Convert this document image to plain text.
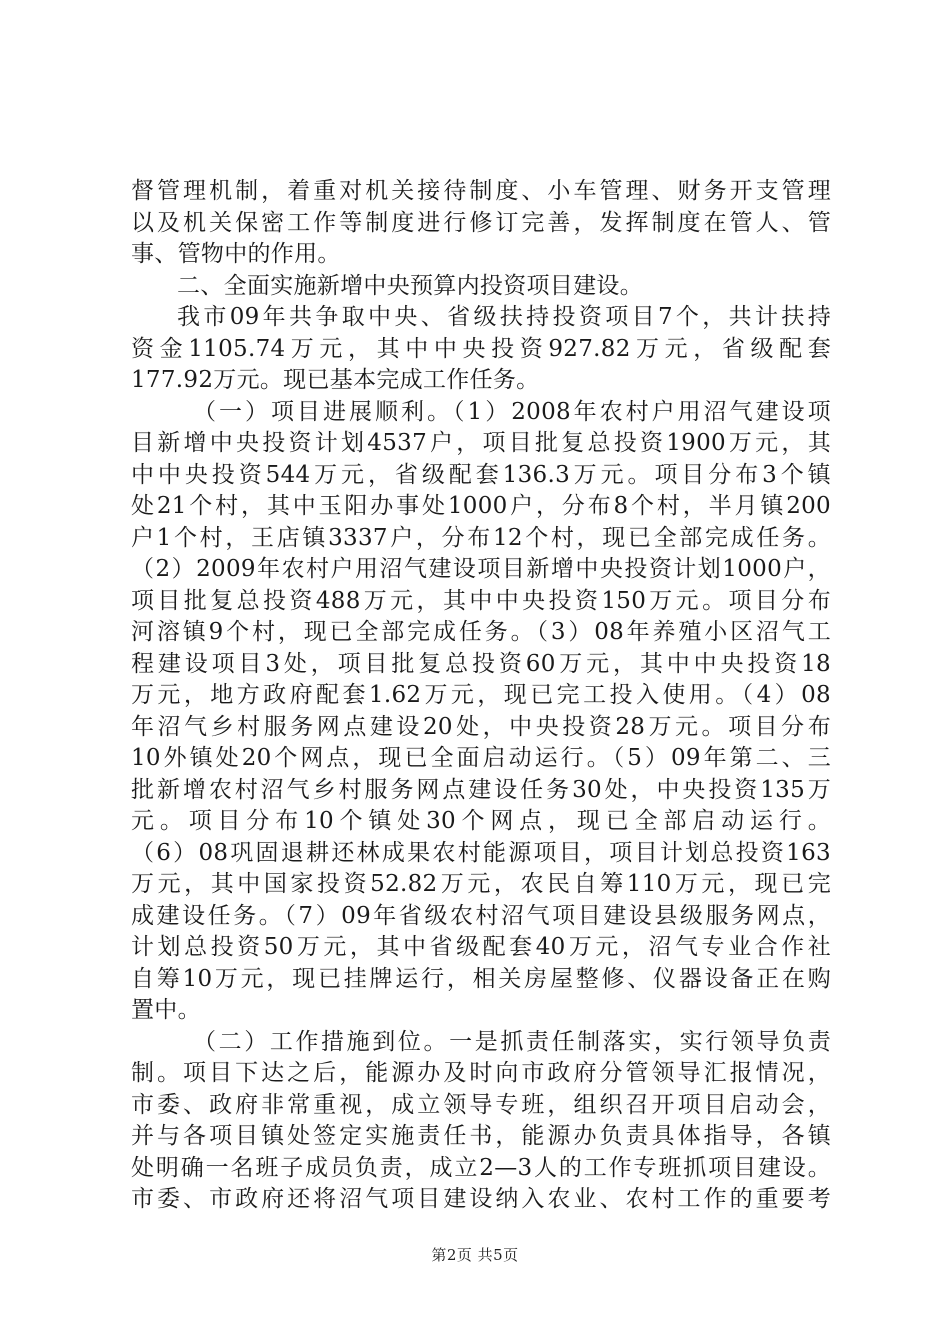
督管理机制，着重对机关接待制度、小车管理、财务开支管理
以及机关保密工作等制度进行修订完善，发挥制度在管人、管
事、管物中的作用。
二、全面实施新增中央预算内投资项目建设。
我市09年共争取中央、省级扶持投资项目7个，共计扶持
资金1105.74万元，其中中央投资927.82万元，省级配套
177.92万元。现已基本完成工作任务。
（一）项目进展顺利。（1）2008年农村户用沼气建设项
目新增中央投资计划4537户，项目批复总投资1900万元，其
中中央投资544万元，省级配套136.3万元。项目分布3个镇
处21个村，其中玉阳办事处1000户，分布8个村，半月镇200
户1个村，王店镇3337户，分布12个村，现已全部完成任务。
（2）2009年农村户用沼气建设项目新增中央投资计划1000户，
项目批复总投资488万元，其中中央投资150万元。项目分布
河溶镇9个村，现已全部完成任务。（3）08年养殖小区沼气工
程建设项目3处，项目批复总投资60万元，其中中央投资18
万元，地方政府配套1.62万元，现已完工投入使用。（4）08
年沼气乡村服务网点建设20处，中央投资28万元。项目分布
10外镇处20个网点，现已全面启动运行。（5）09年第二、三
批新增农村沼气乡村服务网点建设任务30处，中央投资135万
元。项目分布10个镇处30个网点，现已全部启动运行。
（6）08巩固退耕还林成果农村能源项目，项目计划总投资163
万元，其中国家投资52.82万元，农民自筹110万元，现已完
成建设任务。（7）09年省级农村沼气项目建设县级服务网点，
计划总投资50万元，其中省级配套40万元，沼气专业合作社
自筹10万元，现已挂牌运行，相关房屋整修、仪器设备正在购
置中。
（二）工作措施到位。一是抓责任制落实，实行领导负责
制。项目下达之后，能源办及时向市政府分管领导汇报情况，
市委、政府非常重视，成立领导专班，组织召开项目启动会，
并与各项目镇处签定实施责任书，能源办负责具体指导，各镇
处明确一名班子成员负责，成立2—3人的工作专班抓项目建设。
市委、市政府还将沼气项目建设纳入农业、农村工作的重要考
第2页 共5页
